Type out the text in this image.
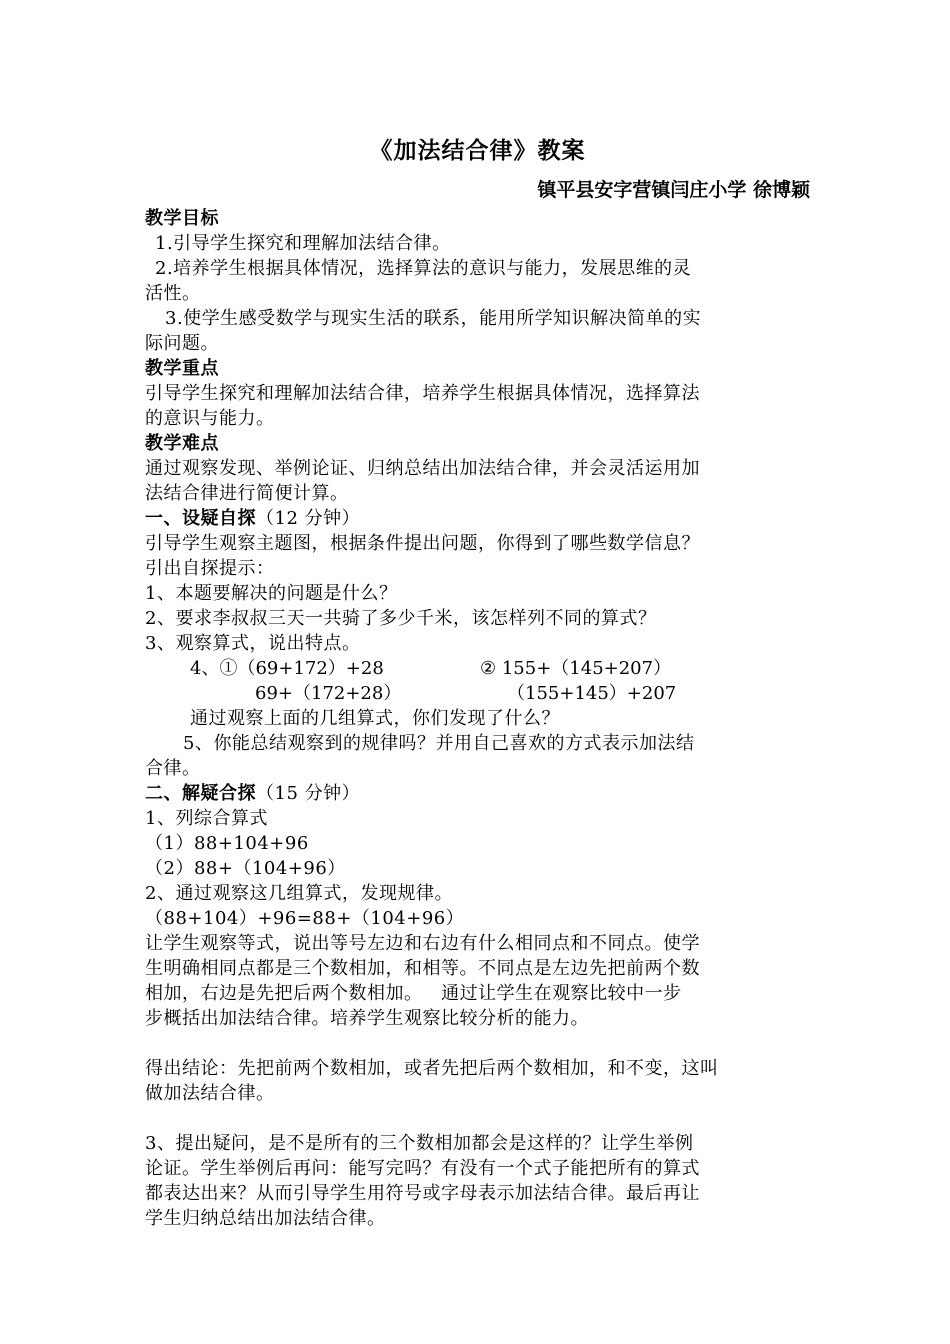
《加法结合律》教案
镇平县安字营镇闫庄小学 徐博颖

教学目标

1.引导学生探究和理解加法结合律。

2.培养学生根据具体情况，选择算法的意识与能力，发展思维的灵

活性。

3.使学生感受数学与现实生活的联系，能用所学知识解决简单的实

际问题。

教学重点

引导学生探究和理解加法结合律，培养学生根据具体情况，选择算法

的意识与能力。

教学难点

通过观察发现、举例论证、归纳总结出加法结合律，并会灵活运用加

法结合律进行简便计算。

一、设疑自探（12 分钟）

引导学生观察主题图，根据条件提出问题，你得到了哪些数学信息？

引出自探提示：

1、本题要解决的问题是什么？

2、要求李叔叔三天一共骑了多少千米，该怎样列不同的算式？

3、观察算式，说出特点。

4、①（69+172）+28	② 155+（145+207）
69+（172+28）	（155+145）+207

通过观察上面的几组算式，你们发现了什么？

5、你能总结观察到的规律吗？并用自己喜欢的方式表示加法结

合律。

二、解疑合探（15 分钟）

1、列综合算式

（1）88+104+96

（2）88+（104+96）

2、通过观察这几组算式，发现规律。

（88+104）+96=88+（104+96）

让学生观察等式，说出等号左边和右边有什么相同点和不同点。使学

生明确相同点都是三个数相加，和相等。不同点是左边先把前两个数

相加，右边是先把后两个数相加。   通过让学生在观察比较中一步

步概括出加法结合律。培养学生观察比较分析的能力。

得出结论：先把前两个数相加，或者先把后两个数相加，和不变，这叫

做加法结合律。

3、提出疑问，是不是所有的三个数相加都会是这样的？让学生举例

论证。学生举例后再问：能写完吗？有没有一个式子能把所有的算式

都表达出来？从而引导学生用符号或字母表示加法结合律。最后再让

学生归纳总结出加法结合律。
